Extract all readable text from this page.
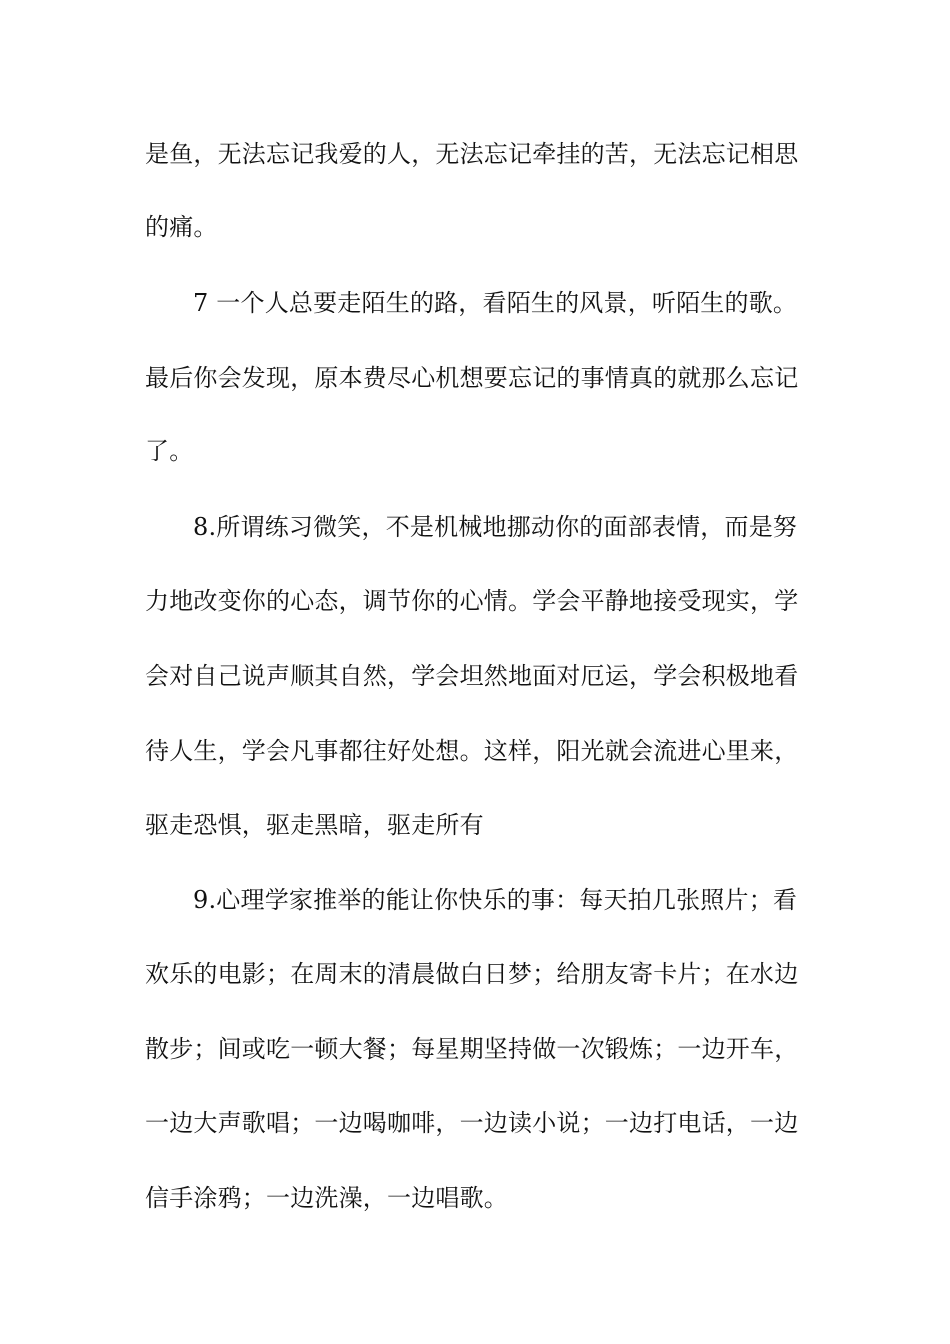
是鱼，无法忘记我爱的人，无法忘记牵挂的苦，无法忘记相思
的痛。
7 一个人总要走陌生的路，看陌生的风景，听陌生的歌。
最后你会发现，原本费尽心机想要忘记的事情真的就那么忘记
了。
8.所谓练习微笑，不是机械地挪动你的面部表情，而是努
力地改变你的心态，调节你的心情。学会平静地接受现实，学
会对自己说声顺其自然，学会坦然地面对厄运，学会积极地看
待人生，学会凡事都往好处想。这样，阳光就会流进心里来，
驱走恐惧，驱走黑暗，驱走所有
9.心理学家推举的能让你快乐的事：每天拍几张照片；看
欢乐的电影；在周末的清晨做白日梦；给朋友寄卡片；在水边
散步；间或吃一顿大餐；每星期坚持做一次锻炼；一边开车，
一边大声歌唱；一边喝咖啡，一边读小说；一边打电话，一边
信手涂鸦；一边洗澡，一边唱歌。
